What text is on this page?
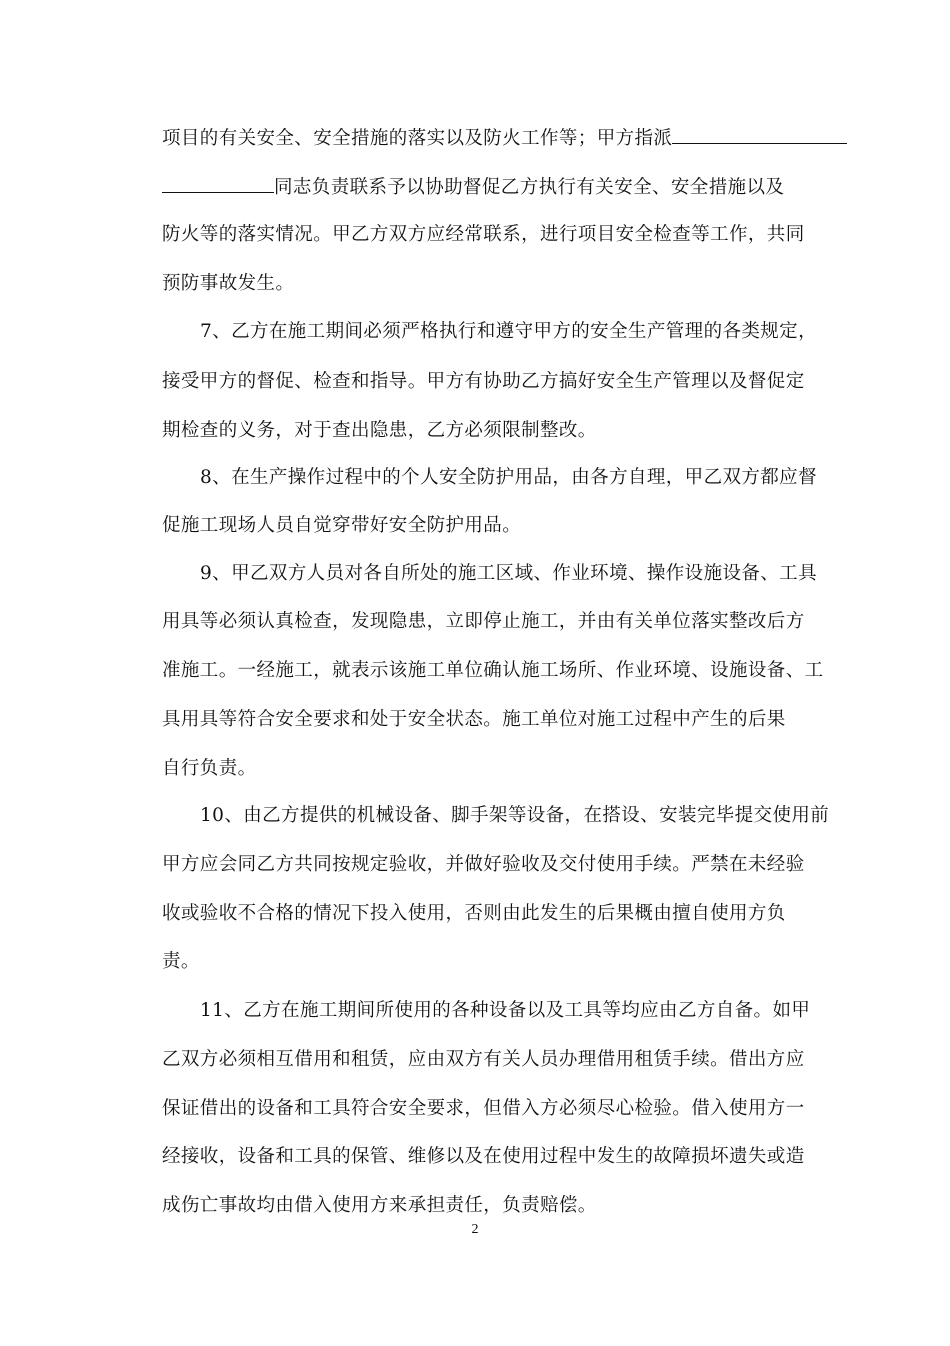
项目的有关安全、安全措施的落实以及防火工作等；甲方指派
同志负责联系予以协助督促乙方执行有关安全、安全措施以及
防火等的落实情况。甲乙方双方应经常联系，进行项目安全检查等工作，共同
预防事故发生。
7、乙方在施工期间必须严格执行和遵守甲方的安全生产管理的各类规定，
接受甲方的督促、检查和指导。甲方有协助乙方搞好安全生产管理以及督促定
期检查的义务，对于查出隐患，乙方必须限制整改。
8、在生产操作过程中的个人安全防护用品，由各方自理，甲乙双方都应督
促施工现场人员自觉穿带好安全防护用品。
9、甲乙双方人员对各自所处的施工区域、作业环境、操作设施设备、工具
用具等必须认真检查，发现隐患，立即停止施工，并由有关单位落实整改后方
准施工。一经施工，就表示该施工单位确认施工场所、作业环境、设施设备、工
具用具等符合安全要求和处于安全状态。施工单位对施工过程中产生的后果
自行负责。
10、由乙方提供的机械设备、脚手架等设备，在搭设、安装完毕提交使用前
甲方应会同乙方共同按规定验收，并做好验收及交付使用手续。严禁在未经验
收或验收不合格的情况下投入使用，否则由此发生的后果概由擅自使用方负
责。
11、乙方在施工期间所使用的各种设备以及工具等均应由乙方自备。如甲
乙双方必须相互借用和租赁，应由双方有关人员办理借用租赁手续。借出方应
保证借出的设备和工具符合安全要求，但借入方必须尽心检验。借入使用方一
经接收，设备和工具的保管、维修以及在使用过程中发生的故障损坏遗失或造
成伤亡事故均由借入使用方来承担责任，负责赔偿。
2
